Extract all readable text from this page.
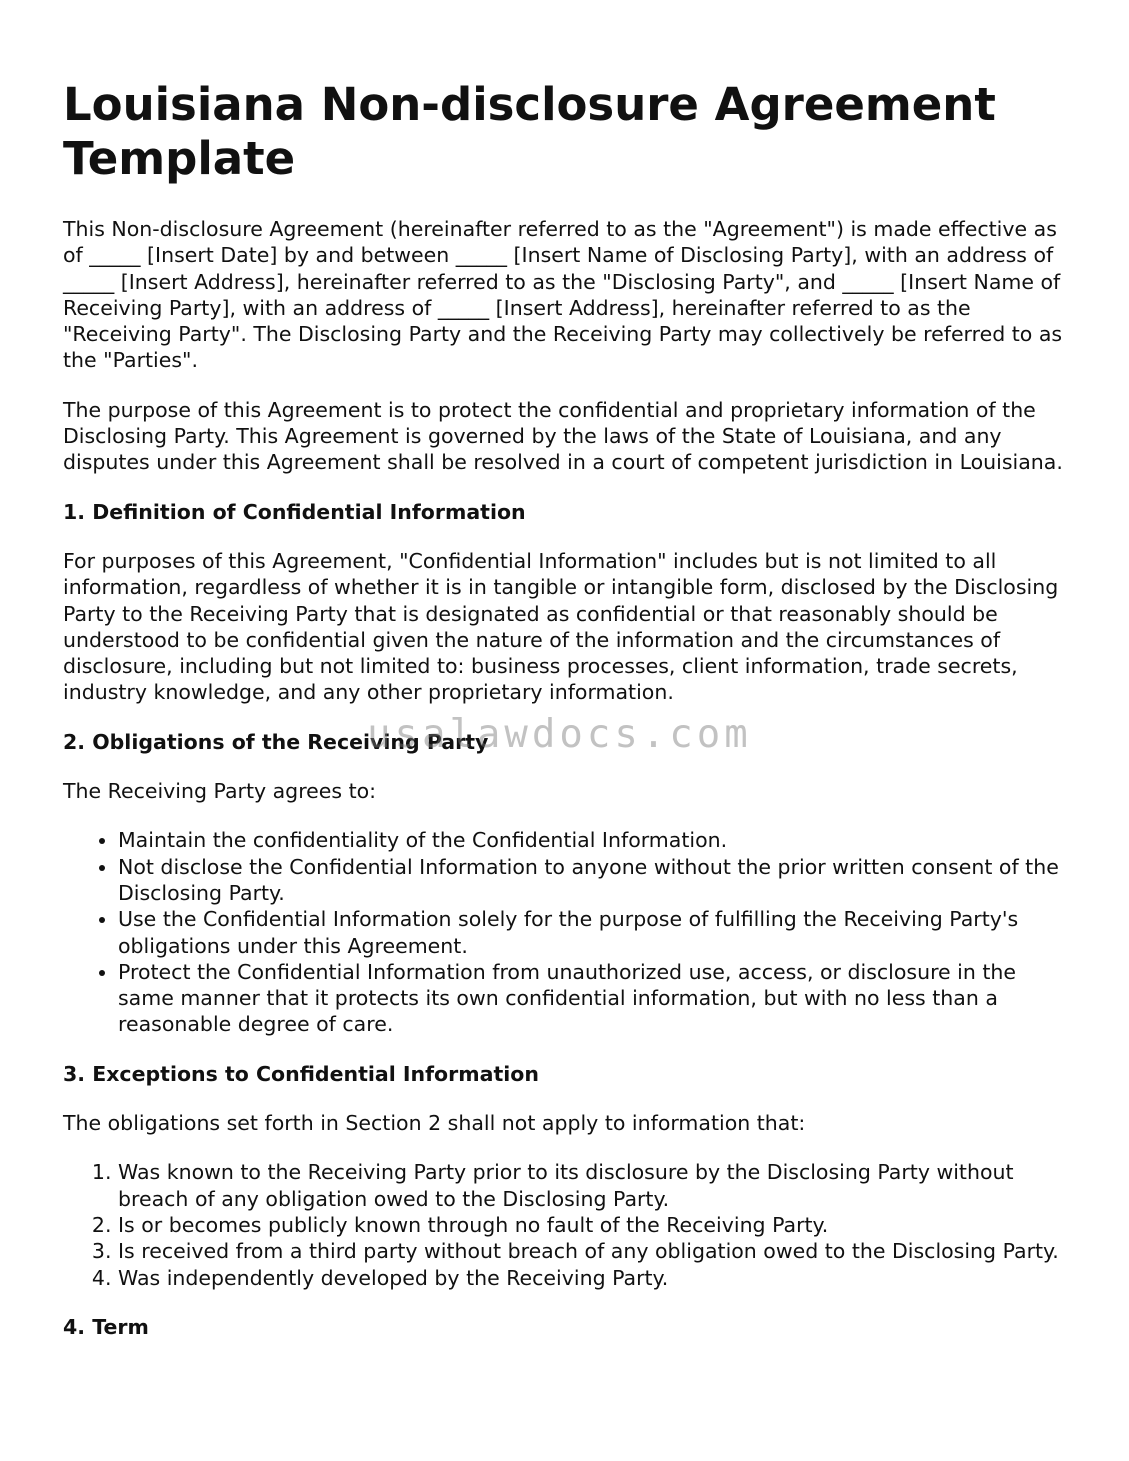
Louisiana Non-disclosure Agreement Template

This Non-disclosure Agreement (hereinafter referred to as the "Agreement") is made effective as of _____ [Insert Date] by and between _____ [Insert Name of Disclosing Party], with an address of _____ [Insert Address], hereinafter referred to as the "Disclosing Party", and _____ [Insert Name of Receiving Party], with an address of _____ [Insert Address], hereinafter referred to as the "Receiving Party". The Disclosing Party and the Receiving Party may collectively be referred to as the "Parties".

The purpose of this Agreement is to protect the confidential and proprietary information of the Disclosing Party. This Agreement is governed by the laws of the State of Louisiana, and any disputes under this Agreement shall be resolved in a court of competent jurisdiction in Louisiana.

1. Definition of Confidential Information

For purposes of this Agreement, "Confidential Information" includes but is not limited to all information, regardless of whether it is in tangible or intangible form, disclosed by the Disclosing Party to the Receiving Party that is designated as confidential or that reasonably should be understood to be confidential given the nature of the information and the circumstances of disclosure, including but not limited to: business processes, client information, trade secrets, industry knowledge, and any other proprietary information.

2. Obligations of the Receiving Party

The Receiving Party agrees to:

• Maintain the confidentiality of the Confidential Information.
• Not disclose the Confidential Information to anyone without the prior written consent of the Disclosing Party.
• Use the Confidential Information solely for the purpose of fulfilling the Receiving Party's obligations under this Agreement.
• Protect the Confidential Information from unauthorized use, access, or disclosure in the same manner that it protects its own confidential information, but with no less than a reasonable degree of care.
3. Exceptions to Confidential Information

The obligations set forth in Section 2 shall not apply to information that:

1. Was known to the Receiving Party prior to its disclosure by the Disclosing Party without breach of any obligation owed to the Disclosing Party.
2. Is or becomes publicly known through no fault of the Receiving Party.
3. Is received from a third party without breach of any obligation owed to the Disclosing Party.
4. Was independently developed by the Receiving Party.
4. Term
usalawdocs.com
